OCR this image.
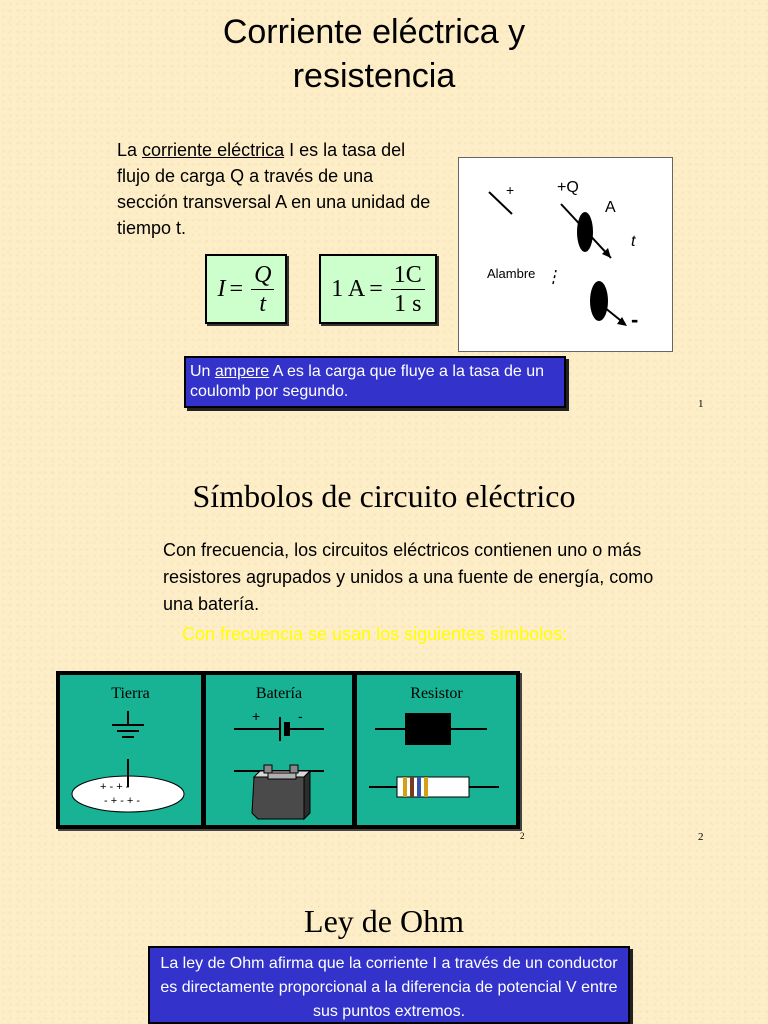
Corriente eléctrica y
resistencia
La corriente eléctrica I es la tasa del flujo de carga Q a través de una sección transversal A en una unidad de tiempo t.
$I = \frac{Q}{t} 1$ $A = \frac{1C}{1 s}$
+	+Q
A
t
Alambre
-
Un ampere A es la carga que fluye a la tasa de un coulomb por segundo.
1
Símbolos de circuito eléctrico
Con frecuencia, los circuitos eléctricos contienen uno o más resistores agrupados y unidos a una fuente de energía, como una batería.
Con frecuencia se usan los siguientes símbolos:
Tierra
+ - + -
- + - + -
Batería
+	-
Resistor
2	2
Ley de Ohm
La ley de Ohm afirma que la corriente I a través de un conductor es directamente proporcional a la diferencia de potencial V entre sus puntos extremos.
